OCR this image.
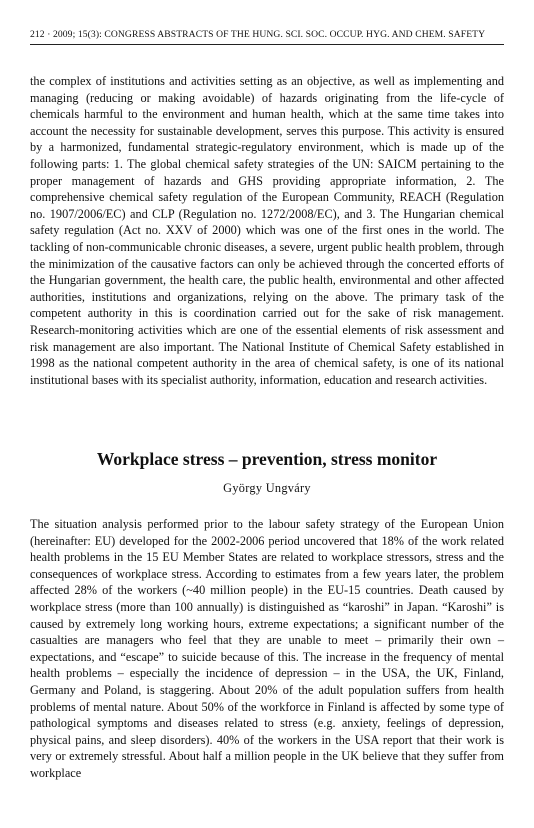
212 · 2009; 15(3): CONGRESS ABSTRACTS OF THE HUNG. SCI. SOC. OCCUP. HYG. AND CHEM. SAFETY

the complex of institutions and activities setting as an objective, as well as implementing and managing (reducing or making avoidable) of hazards originating from the life-cycle of chemicals harmful to the environment and human health, which at the same time takes into account the necessity for sustainable development, serves this purpose. This activity is ensured by a harmonized, fundamental strategic-regulatory environment, which is made up of the following parts: 1. The global chemical safety strategies of the UN: SAICM pertaining to the proper management of hazards and GHS providing appropriate information, 2. The comprehensive chemical safety regulation of the European Community, REACH (Regulation no. 1907/2006/EC) and CLP (Regulation no. 1272/2008/EC), and 3. The Hungarian chemical safety regulation (Act no. XXV of 2000) which was one of the first ones in the world. The tackling of non-communicable chronic diseases, a severe, urgent public health problem, through the minimization of the causative factors can only be achieved through the concerted efforts of the Hungarian government, the health care, the public health, environmental and other affected authorities, institutions and organizations, relying on the above. The primary task of the competent authority in this is coordination carried out for the sake of risk management. Research-monitoring activities which are one of the essential elements of risk assessment and risk management are also important. The National Institute of Chemical Safety established in 1998 as the national competent authority in the area of chemical safety, is one of its national institutional bases with its specialist authority, information, education and research activities.

Workplace stress – prevention, stress monitor

György Ungváry

The situation analysis performed prior to the labour safety strategy of the European Union (hereinafter: EU) developed for the 2002-2006 period uncovered that 18% of the work related health problems in the 15 EU Member States are related to workplace stressors, stress and the consequences of workplace stress. According to estimates from a few years later, the problem affected 28% of the workers (~40 million people) in the EU-15 countries. Death caused by workplace stress (more than 100 annually) is distinguished as “karoshi” in Japan. “Karoshi” is caused by extremely long working hours, extreme expectations; a significant number of the casualties are managers who feel that they are unable to meet – primarily their own – expectations, and “escape” to suicide because of this. The increase in the frequency of mental health problems – especially the incidence of depression – in the USA, the UK, Finland, Germany and Poland, is staggering. About 20% of the adult population suffers from health problems of mental nature. About 50% of the workforce in Finland is affected by some type of pathological symptoms and diseases related to stress (e.g. anxiety, feelings of depression, physical pains, and sleep disorders). 40% of the workers in the USA report that their work is very or extremely stressful. About half a million people in the UK believe that they suffer from workplace
